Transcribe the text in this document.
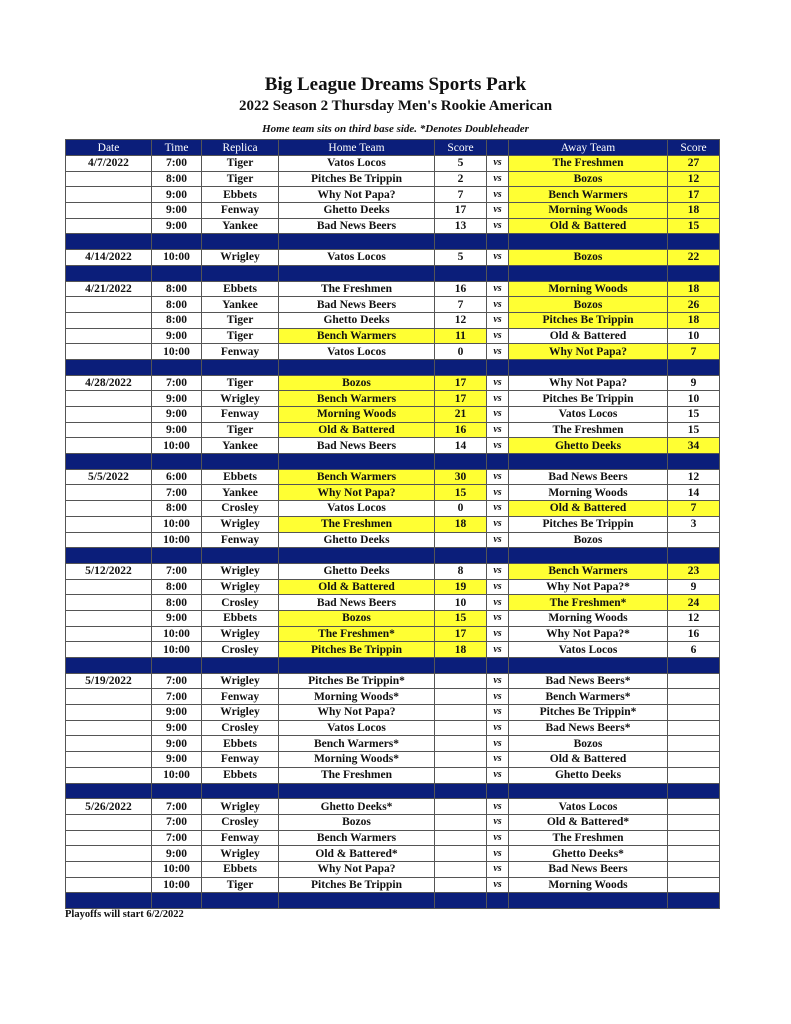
Big League Dreams Sports Park
2022 Season 2 Thursday Men's Rookie American
Home team sits on third base side. *Denotes Doubleheader
Date	Time	Replica	Home Team	Score		Away Team	Score
4/7/2022	7:00	Tiger	Vatos Locos	5	vs	The Freshmen	27
	8:00	Tiger	Pitches Be Trippin	2	vs	Bozos	12
	9:00	Ebbets	Why Not Papa?	7	vs	Bench Warmers	17
	9:00	Fenway	Ghetto Deeks	17	vs	Morning Woods	18
	9:00	Yankee	Bad News Beers	13	vs	Old & Battered	15

4/14/2022	10:00	Wrigley	Vatos Locos	5	vs	Bozos	22

4/21/2022	8:00	Ebbets	The Freshmen	16	vs	Morning Woods	18
	8:00	Yankee	Bad News Beers	7	vs	Bozos	26
	8:00	Tiger	Ghetto Deeks	12	vs	Pitches Be Trippin	18
	9:00	Tiger	Bench Warmers	11	vs	Old & Battered	10
	10:00	Fenway	Vatos Locos	0	vs	Why Not Papa?	7

4/28/2022	7:00	Tiger	Bozos	17	vs	Why Not Papa?	9
	9:00	Wrigley	Bench Warmers	17	vs	Pitches Be Trippin	10
	9:00	Fenway	Morning Woods	21	vs	Vatos Locos	15
	9:00	Tiger	Old & Battered	16	vs	The Freshmen	15
	10:00	Yankee	Bad News Beers	14	vs	Ghetto Deeks	34

5/5/2022	6:00	Ebbets	Bench Warmers	30	vs	Bad News Beers	12
	7:00	Yankee	Why Not Papa?	15	vs	Morning Woods	14
	8:00	Crosley	Vatos Locos	0	vs	Old & Battered	7
	10:00	Wrigley	The Freshmen	18	vs	Pitches Be Trippin	3
	10:00	Fenway	Ghetto Deeks		vs	Bozos	

5/12/2022	7:00	Wrigley	Ghetto Deeks	8	vs	Bench Warmers	23
	8:00	Wrigley	Old & Battered	19	vs	Why Not Papa?*	9
	8:00	Crosley	Bad News Beers	10	vs	The Freshmen*	24
	9:00	Ebbets	Bozos	15	vs	Morning Woods	12
	10:00	Wrigley	The Freshmen*	17	vs	Why Not Papa?*	16
	10:00	Crosley	Pitches Be Trippin	18	vs	Vatos Locos	6

5/19/2022	7:00	Wrigley	Pitches Be Trippin*		vs	Bad News Beers*	
	7:00	Fenway	Morning Woods*		vs	Bench Warmers*	
	9:00	Wrigley	Why Not Papa?		vs	Pitches Be Trippin*	
	9:00	Crosley	Vatos Locos		vs	Bad News Beers*	
	9:00	Ebbets	Bench Warmers*		vs	Bozos	
	9:00	Fenway	Morning Woods*		vs	Old & Battered	
	10:00	Ebbets	The Freshmen		vs	Ghetto Deeks	

5/26/2022	7:00	Wrigley	Ghetto Deeks*		vs	Vatos Locos	
	7:00	Crosley	Bozos		vs	Old & Battered*	
	7:00	Fenway	Bench Warmers		vs	The Freshmen	
	9:00	Wrigley	Old & Battered*		vs	Ghetto Deeks*	
	10:00	Ebbets	Why Not Papa?		vs	Bad News Beers	
	10:00	Tiger	Pitches Be Trippin		vs	Morning Woods	

Playoffs will start 6/2/2022
